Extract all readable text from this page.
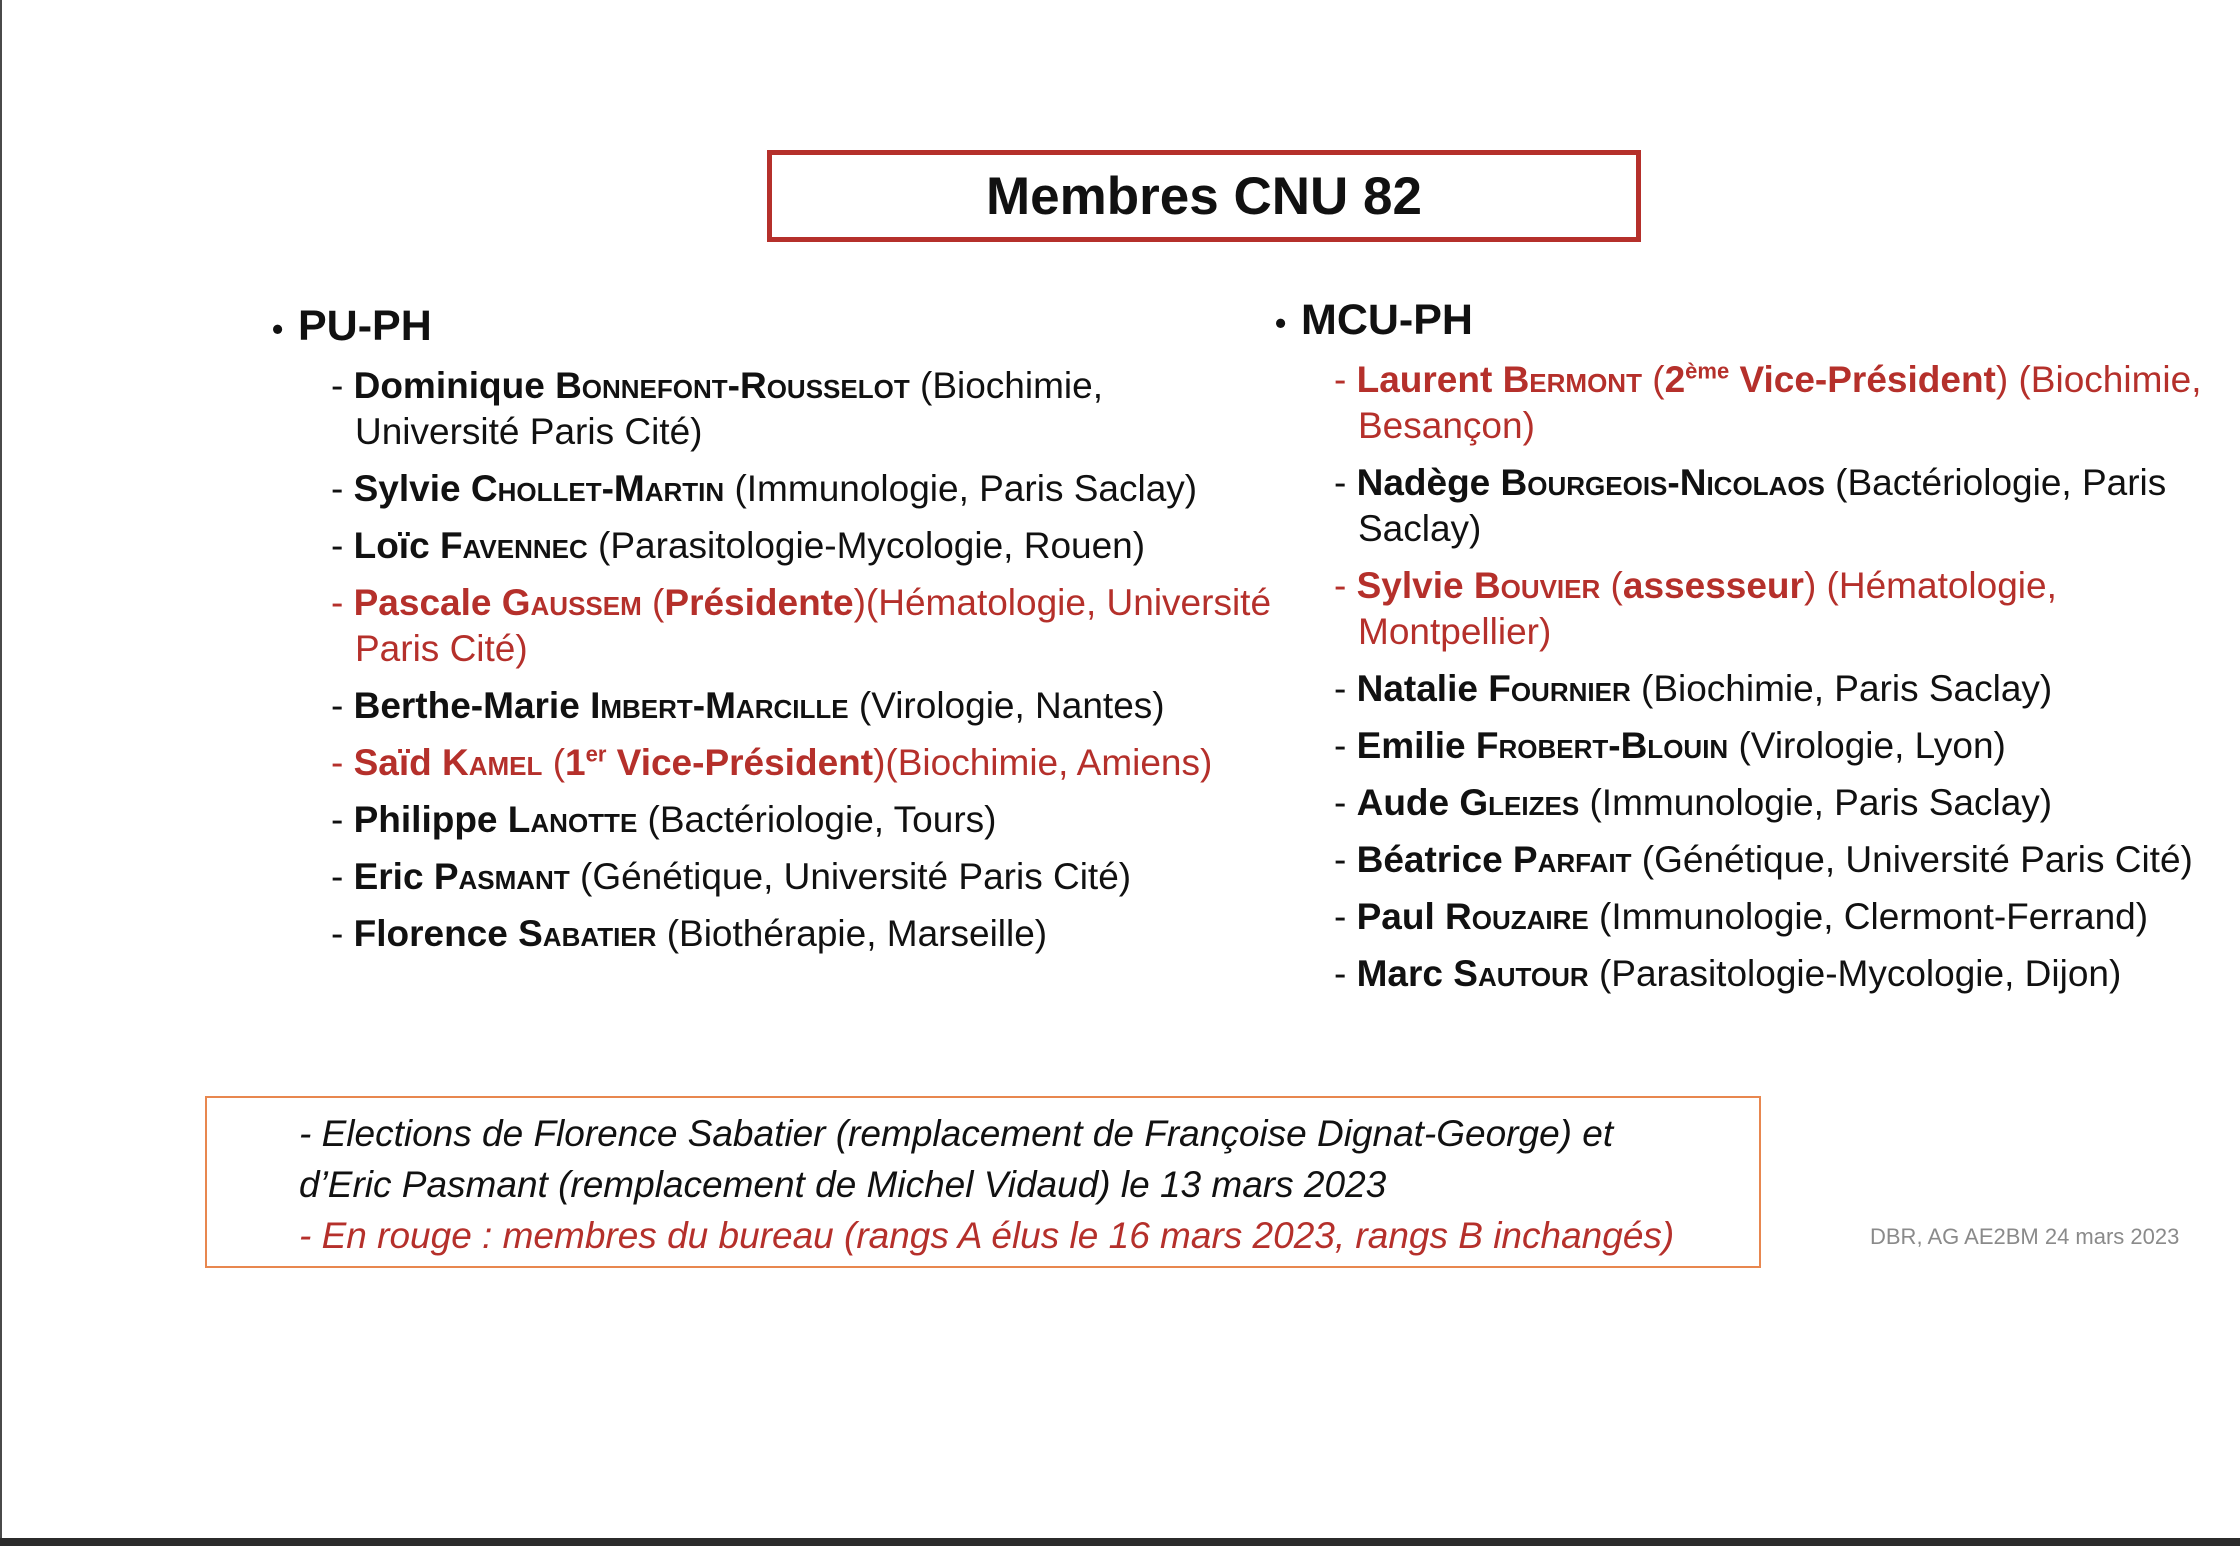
Membres CNU 82
• PU-PH
- Dominique Bonnefont-Rousselot (Biochimie, Université Paris Cité)
- Sylvie Chollet-Martin (Immunologie, Paris Saclay)
- Loïc Favennec (Parasitologie-Mycologie, Rouen)
- Pascale Gaussem (Présidente)(Hématologie, Université Paris Cité)
- Berthe-Marie Imbert-Marcille (Virologie, Nantes)
- Saïd Kamel (1er Vice-Président)(Biochimie, Amiens)
- Philippe Lanotte (Bactériologie, Tours)
- Eric Pasmant (Génétique, Université Paris Cité)
- Florence Sabatier (Biothérapie, Marseille)
• MCU-PH
- Laurent Bermont (2ème Vice-Président) (Biochimie, Besançon)
- Nadège Bourgeois-Nicolaos (Bactériologie, Paris Saclay)
- Sylvie Bouvier (assesseur) (Hématologie, Montpellier)
- Natalie Fournier (Biochimie, Paris Saclay)
- Emilie Frobert-Blouin (Virologie, Lyon)
- Aude Gleizes (Immunologie, Paris Saclay)
- Béatrice Parfait (Génétique, Université Paris Cité)
- Paul Rouzaire (Immunologie, Clermont-Ferrand)
- Marc Sautour (Parasitologie-Mycologie, Dijon)
- Elections de Florence Sabatier (remplacement de Françoise Dignat-George) et
d’Eric Pasmant (remplacement de Michel Vidaud) le 13 mars 2023
- En rouge : membres du bureau (rangs A élus le 16 mars 2023, rangs B inchangés)	DBR, AG AE2BM 24 mars 2023
